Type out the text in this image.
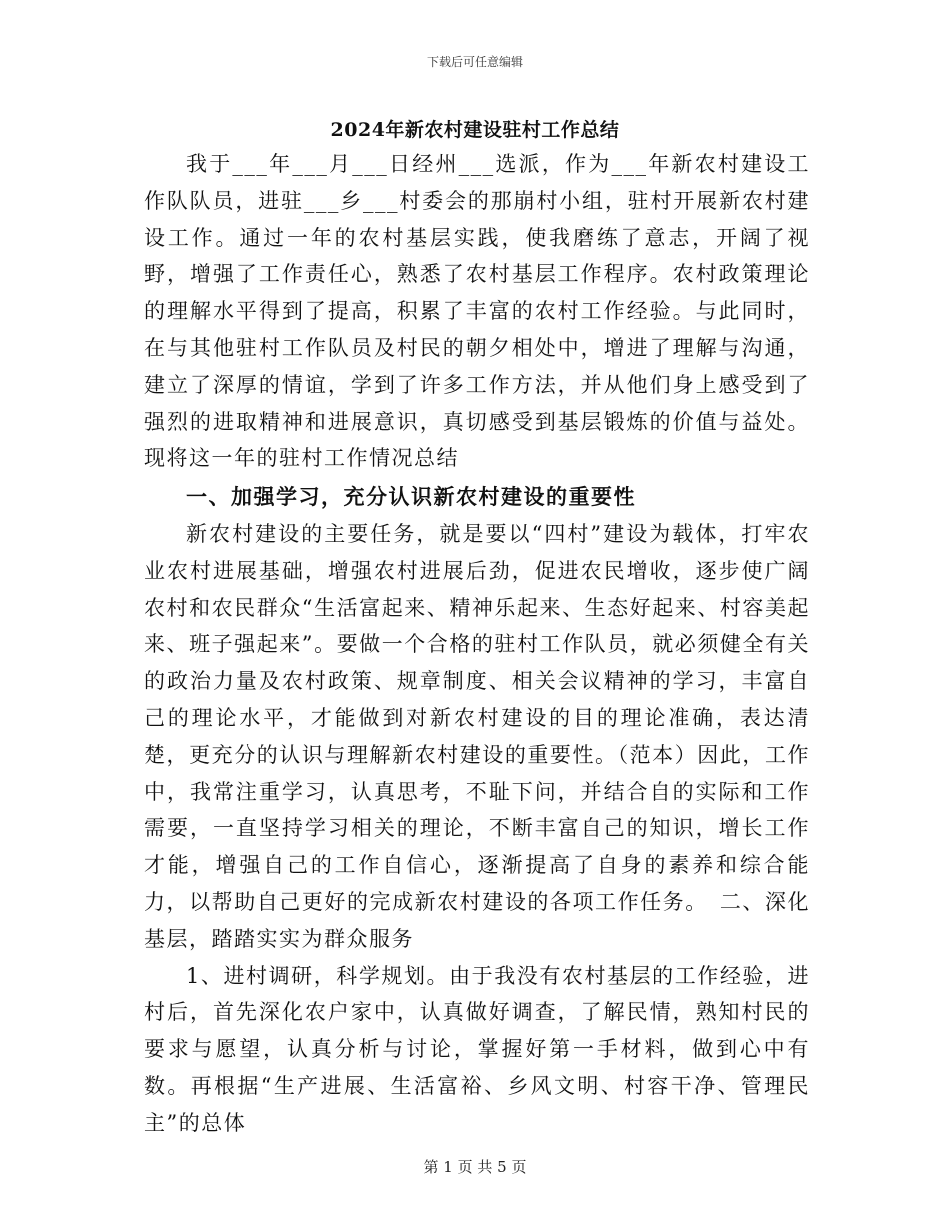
下载后可任意编辑
2024年新农村建设驻村工作总结

我于___年___月___日经州___选派，作为___年新农村建设工作队队员，进驻___乡___村委会的那崩村小组，驻村开展新农村建设工作。通过一年的农村基层实践，使我磨练了意志，开阔了视野，增强了工作责任心，熟悉了农村基层工作程序。农村政策理论的理解水平得到了提高，积累了丰富的农村工作经验。与此同时，在与其他驻村工作队员及村民的朝夕相处中，增进了理解与沟通，建立了深厚的情谊，学到了许多工作方法，并从他们身上感受到了强烈的进取精神和进展意识，真切感受到基层锻炼的价值与益处。现将这一年的驻村工作情况总结

一、加强学习，充分认识新农村建设的重要性

新农村建设的主要任务，就是要以“四村”建设为载体，打牢农业农村进展基础，增强农村进展后劲，促进农民增收，逐步使广阔农村和农民群众“生活富起来、精神乐起来、生态好起来、村容美起来、班子强起来”。要做一个合格的驻村工作队员，就必须健全有关的政治力量及农村政策、规章制度、相关会议精神的学习，丰富自己的理论水平，才能做到对新农村建设的目的理论准确，表达清楚，更充分的认识与理解新农村建设的重要性。（范本）因此，工作中，我常注重学习，认真思考，不耻下问，并结合自的实际和工作需要，一直坚持学习相关的理论，不断丰富自己的知识，增长工作才能，增强自己的工作自信心，逐渐提高了自身的素养和综合能力，以帮助自己更好的完成新农村建设的各项工作任务。　二、深化基层，踏踏实实为群众服务

1、进村调研，科学规划。由于我没有农村基层的工作经验，进村后，首先深化农户家中，认真做好调查，了解民情，熟知村民的要求与愿望，认真分析与讨论，掌握好第一手材料，做到心中有数。再根据“生产进展、生活富裕、乡风文明、村容干净、管理民主”的总体

第 1 页 共 5 页
